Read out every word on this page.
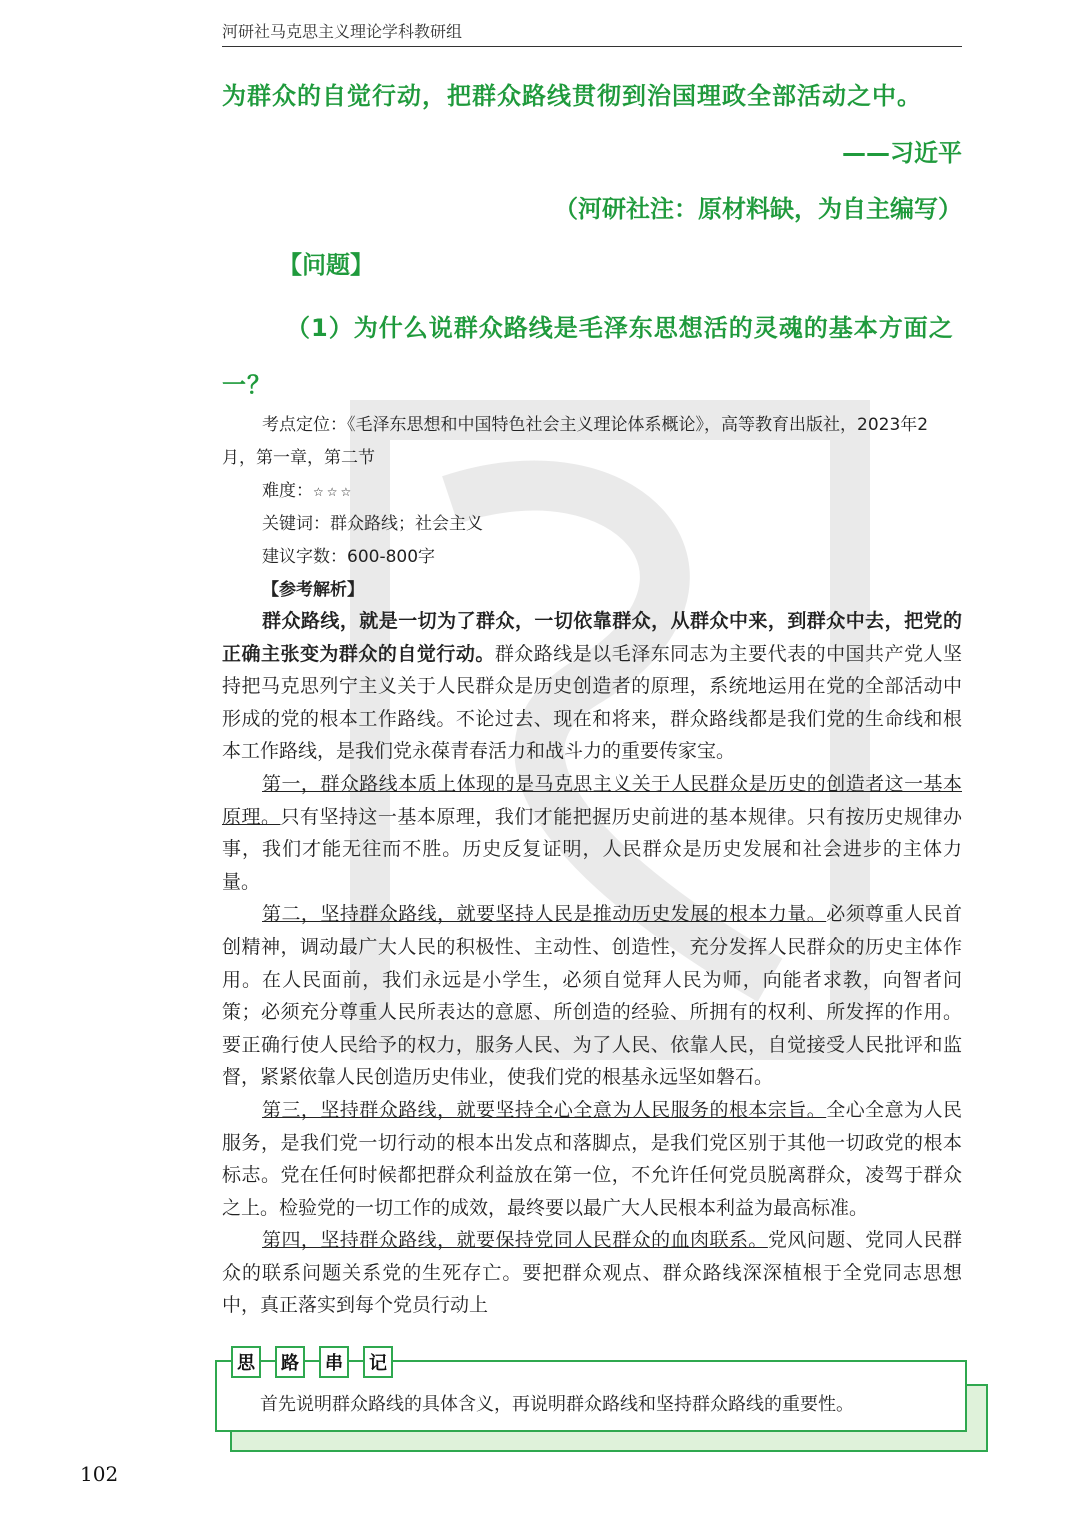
河研社马克思主义理论学科教研组
为群众的自觉行动，把群众路线贯彻到治国理政全部活动之中。
——习近平
（河研社注：原材料缺，为自主编写）
【问题】
（1）为什么说群众路线是毛泽东思想活的灵魂的基本方面之一？
考点定位：《毛泽东思想和中国特色社会主义理论体系概论》，高等教育出版社，2023年2月，第一章，第二节
难度：☆☆☆
关键词：群众路线；社会主义
建议字数：600-800字
【参考解析】

群众路线，就是一切为了群众，一切依靠群众，从群众中来，到群众中去，把党的正确主张变为群众的自觉行动。群众路线是以毛泽东同志为主要代表的中国共产党人坚持把马克思列宁主义关于人民群众是历史创造者的原理，系统地运用在党的全部活动中形成的党的根本工作路线。不论过去、现在和将来，群众路线都是我们党的生命线和根本工作路线，是我们党永葆青春活力和战斗力的重要传家宝。

第一，群众路线本质上体现的是马克思主义关于人民群众是历史的创造者这一基本原理。只有坚持这一基本原理，我们才能把握历史前进的基本规律。只有按历史规律办事，我们才能无往而不胜。历史反复证明，人民群众是历史发展和社会进步的主体力量。

第二，坚持群众路线，就要坚持人民是推动历史发展的根本力量。必须尊重人民首创精神，调动最广大人民的积极性、主动性、创造性，充分发挥人民群众的历史主体作用。在人民面前，我们永远是小学生，必须自觉拜人民为师，向能者求教，向智者问策；必须充分尊重人民所表达的意愿、所创造的经验、所拥有的权利、所发挥的作用。要正确行使人民给予的权力，服务人民、为了人民、依靠人民，自觉接受人民批评和监督，紧紧依靠人民创造历史伟业，使我们党的根基永远坚如磐石。

第三，坚持群众路线，就要坚持全心全意为人民服务的根本宗旨。全心全意为人民服务，是我们党一切行动的根本出发点和落脚点，是我们党区别于其他一切政党的根本标志。党在任何时候都把群众利益放在第一位，不允许任何党员脱离群众，凌驾于群众之上。检验党的一切工作的成效，最终要以最广大人民根本利益为最高标准。

第四，坚持群众路线，就要保持党同人民群众的血肉联系。党风问题、党同人民群众的联系问题关系党的生死存亡。要把群众观点、群众路线深深植根于全党同志思想中，真正落实到每个党员行动上

思	路	串	记
首先说明群众路线的具体含义，再说明群众路线和坚持群众路线的重要性。
102
